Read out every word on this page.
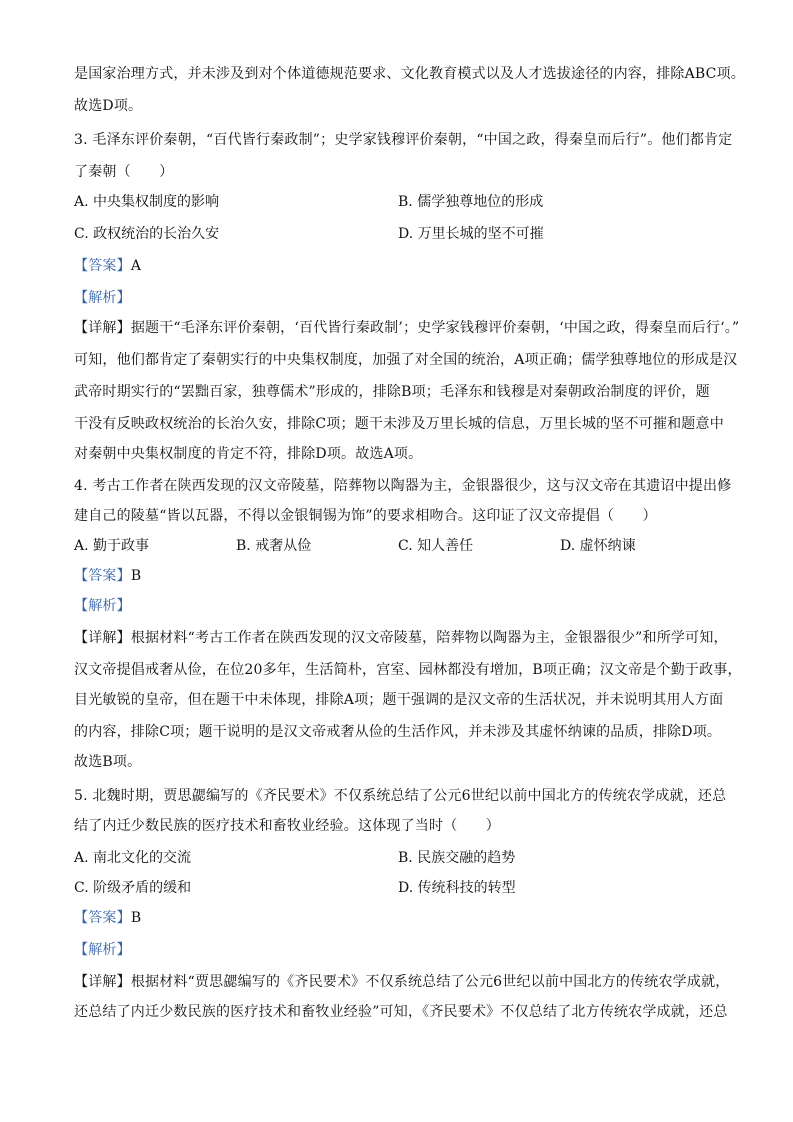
是国家治理方式，并未涉及到对个体道德规范要求、文化教育模式以及人才选拔途径的内容，排除ABC项。
故选D项。
3. 毛泽东评价秦朝，“百代皆行秦政制”；史学家钱穆评价秦朝，“中国之政，得秦皇而后行”。他们都肯定
了秦朝（　　）
A. 中央集权制度的影响	B. 儒学独尊地位的形成
C. 政权统治的长治久安	D. 万里长城的坚不可摧
【答案】A
【解析】
【详解】据题干“毛泽东评价秦朝，‘百代皆行秦政制’；史学家钱穆评价秦朝，‘中国之政，得秦皇而后行‘。”
可知，他们都肯定了秦朝实行的中央集权制度，加强了对全国的统治，A项正确；儒学独尊地位的形成是汉
武帝时期实行的“罢黜百家，独尊儒术”形成的，排除B项；毛泽东和钱穆是对秦朝政治制度的评价，题
干没有反映政权统治的长治久安，排除C项；题干未涉及万里长城的信息，万里长城的坚不可摧和题意中
对秦朝中央集权制度的肯定不符，排除D项。故选A项。
4. 考古工作者在陕西发现的汉文帝陵墓，陪葬物以陶器为主，金银器很少，这与汉文帝在其遗诏中提出修
建自己的陵墓“皆以瓦器，不得以金银铜锡为饰”的要求相吻合。这印证了汉文帝提倡（　　）
A. 勤于政事	B. 戒奢从俭	C. 知人善任	D. 虚怀纳谏
【答案】B
【解析】
【详解】根据材料“考古工作者在陕西发现的汉文帝陵墓，陪葬物以陶器为主，金银器很少”和所学可知，
汉文帝提倡戒奢从俭，在位20多年，生活简朴，宫室、园林都没有增加，B项正确；汉文帝是个勤于政事，
目光敏锐的皇帝，但在题干中未体现，排除A项；题干强调的是汉文帝的生活状况，并未说明其用人方面
的内容，排除C项；题干说明的是汉文帝戒奢从俭的生活作风，并未涉及其虚怀纳谏的品质，排除D项。
故选B项。
5. 北魏时期，贾思勰编写的《齐民要术》不仅系统总结了公元6世纪以前中国北方的传统农学成就，还总
结了内迁少数民族的医疗技术和畜牧业经验。这体现了当时（　　）
A. 南北文化的交流	B. 民族交融的趋势
C. 阶级矛盾的缓和	D. 传统科技的转型
【答案】B
【解析】
【详解】根据材料“贾思勰编写的《齐民要术》不仅系统总结了公元6世纪以前中国北方的传统农学成就，
还总结了内迁少数民族的医疗技术和畜牧业经验”可知，《齐民要术》不仅总结了北方传统农学成就，还总
